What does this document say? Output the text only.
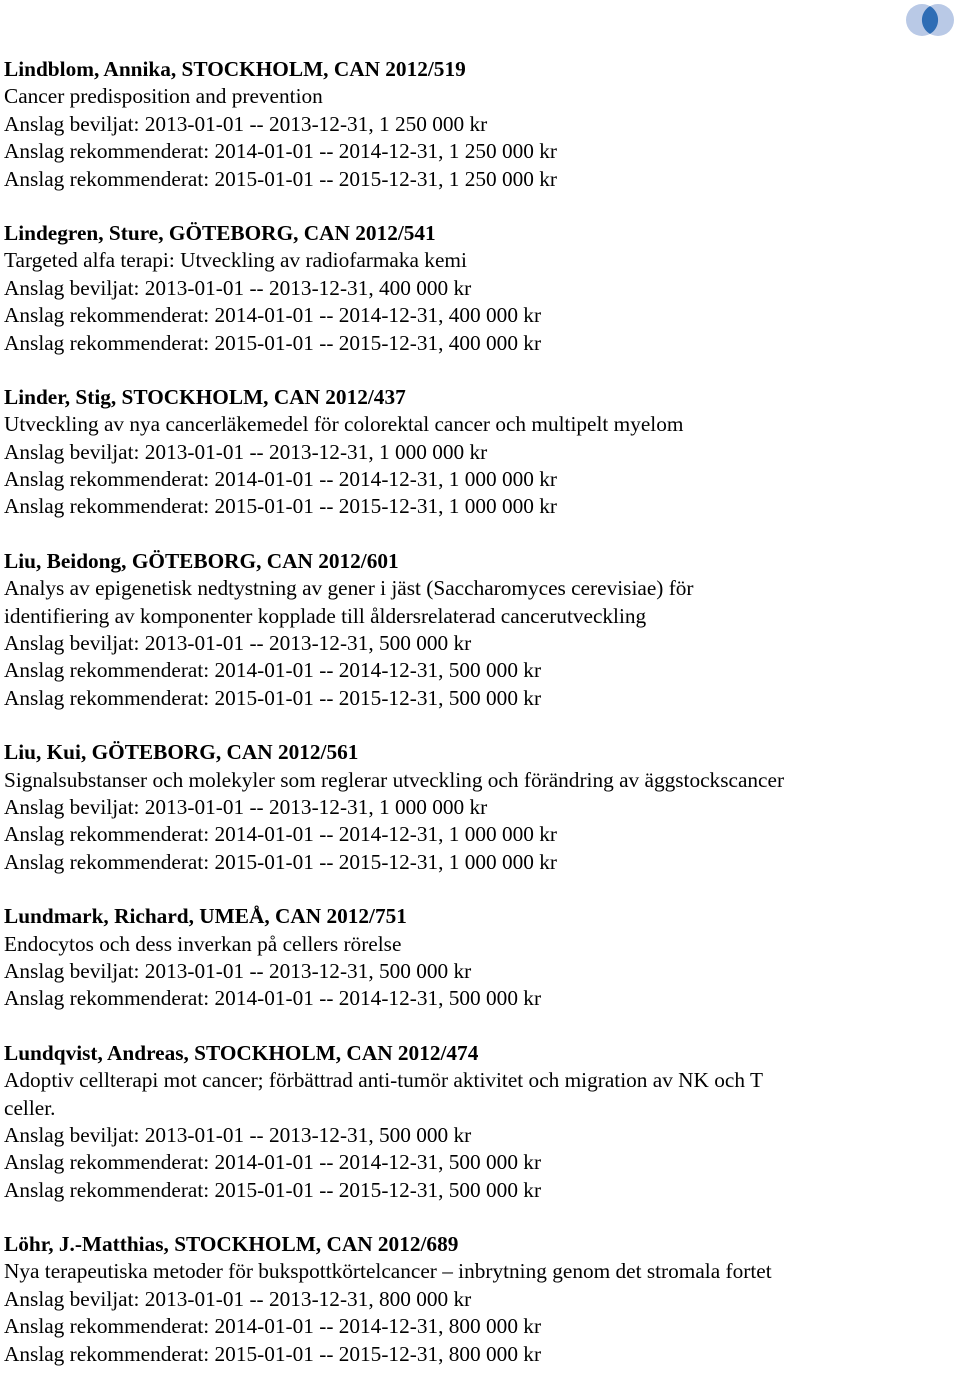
Lindblom, Annika, STOCKHOLM, CAN 2012/519
Cancer predisposition and prevention
Anslag beviljat: 2013-01-01 -- 2013-12-31, 1 250 000 kr
Anslag rekommenderat: 2014-01-01 -- 2014-12-31, 1 250 000 kr
Anslag rekommenderat: 2015-01-01 -- 2015-12-31, 1 250 000 kr
Lindegren, Sture, GÖTEBORG, CAN 2012/541
Targeted alfa terapi: Utveckling av radiofarmaka kemi
Anslag beviljat: 2013-01-01 -- 2013-12-31, 400 000 kr
Anslag rekommenderat: 2014-01-01 -- 2014-12-31, 400 000 kr
Anslag rekommenderat: 2015-01-01 -- 2015-12-31, 400 000 kr
Linder, Stig, STOCKHOLM, CAN 2012/437
Utveckling av nya cancerläkemedel för colorektal cancer och multipelt myelom
Anslag beviljat: 2013-01-01 -- 2013-12-31, 1 000 000 kr
Anslag rekommenderat: 2014-01-01 -- 2014-12-31, 1 000 000 kr
Anslag rekommenderat: 2015-01-01 -- 2015-12-31, 1 000 000 kr
Liu, Beidong, GÖTEBORG, CAN 2012/601
Analys av epigenetisk nedtystning av gener i jäst (Saccharomyces cerevisiae) för
identifiering av komponenter kopplade till åldersrelaterad cancerutveckling
Anslag beviljat: 2013-01-01 -- 2013-12-31, 500 000 kr
Anslag rekommenderat: 2014-01-01 -- 2014-12-31, 500 000 kr
Anslag rekommenderat: 2015-01-01 -- 2015-12-31, 500 000 kr
Liu, Kui, GÖTEBORG, CAN 2012/561
Signalsubstanser och molekyler som reglerar utveckling och förändring av äggstockscancer
Anslag beviljat: 2013-01-01 -- 2013-12-31, 1 000 000 kr
Anslag rekommenderat: 2014-01-01 -- 2014-12-31, 1 000 000 kr
Anslag rekommenderat: 2015-01-01 -- 2015-12-31, 1 000 000 kr
Lundmark, Richard, UMEÅ, CAN 2012/751
Endocytos och dess inverkan på cellers rörelse
Anslag beviljat: 2013-01-01 -- 2013-12-31, 500 000 kr
Anslag rekommenderat: 2014-01-01 -- 2014-12-31, 500 000 kr
Lundqvist, Andreas, STOCKHOLM, CAN 2012/474
Adoptiv cellterapi mot cancer; förbättrad anti-tumör aktivitet och migration av NK och T
celler.
Anslag beviljat: 2013-01-01 -- 2013-12-31, 500 000 kr
Anslag rekommenderat: 2014-01-01 -- 2014-12-31, 500 000 kr
Anslag rekommenderat: 2015-01-01 -- 2015-12-31, 500 000 kr
Löhr, J.-Matthias, STOCKHOLM, CAN 2012/689
Nya terapeutiska metoder för bukspottkörtelcancer – inbrytning genom det stromala fortet
Anslag beviljat: 2013-01-01 -- 2013-12-31, 800 000 kr
Anslag rekommenderat: 2014-01-01 -- 2014-12-31, 800 000 kr
Anslag rekommenderat: 2015-01-01 -- 2015-12-31, 800 000 kr
